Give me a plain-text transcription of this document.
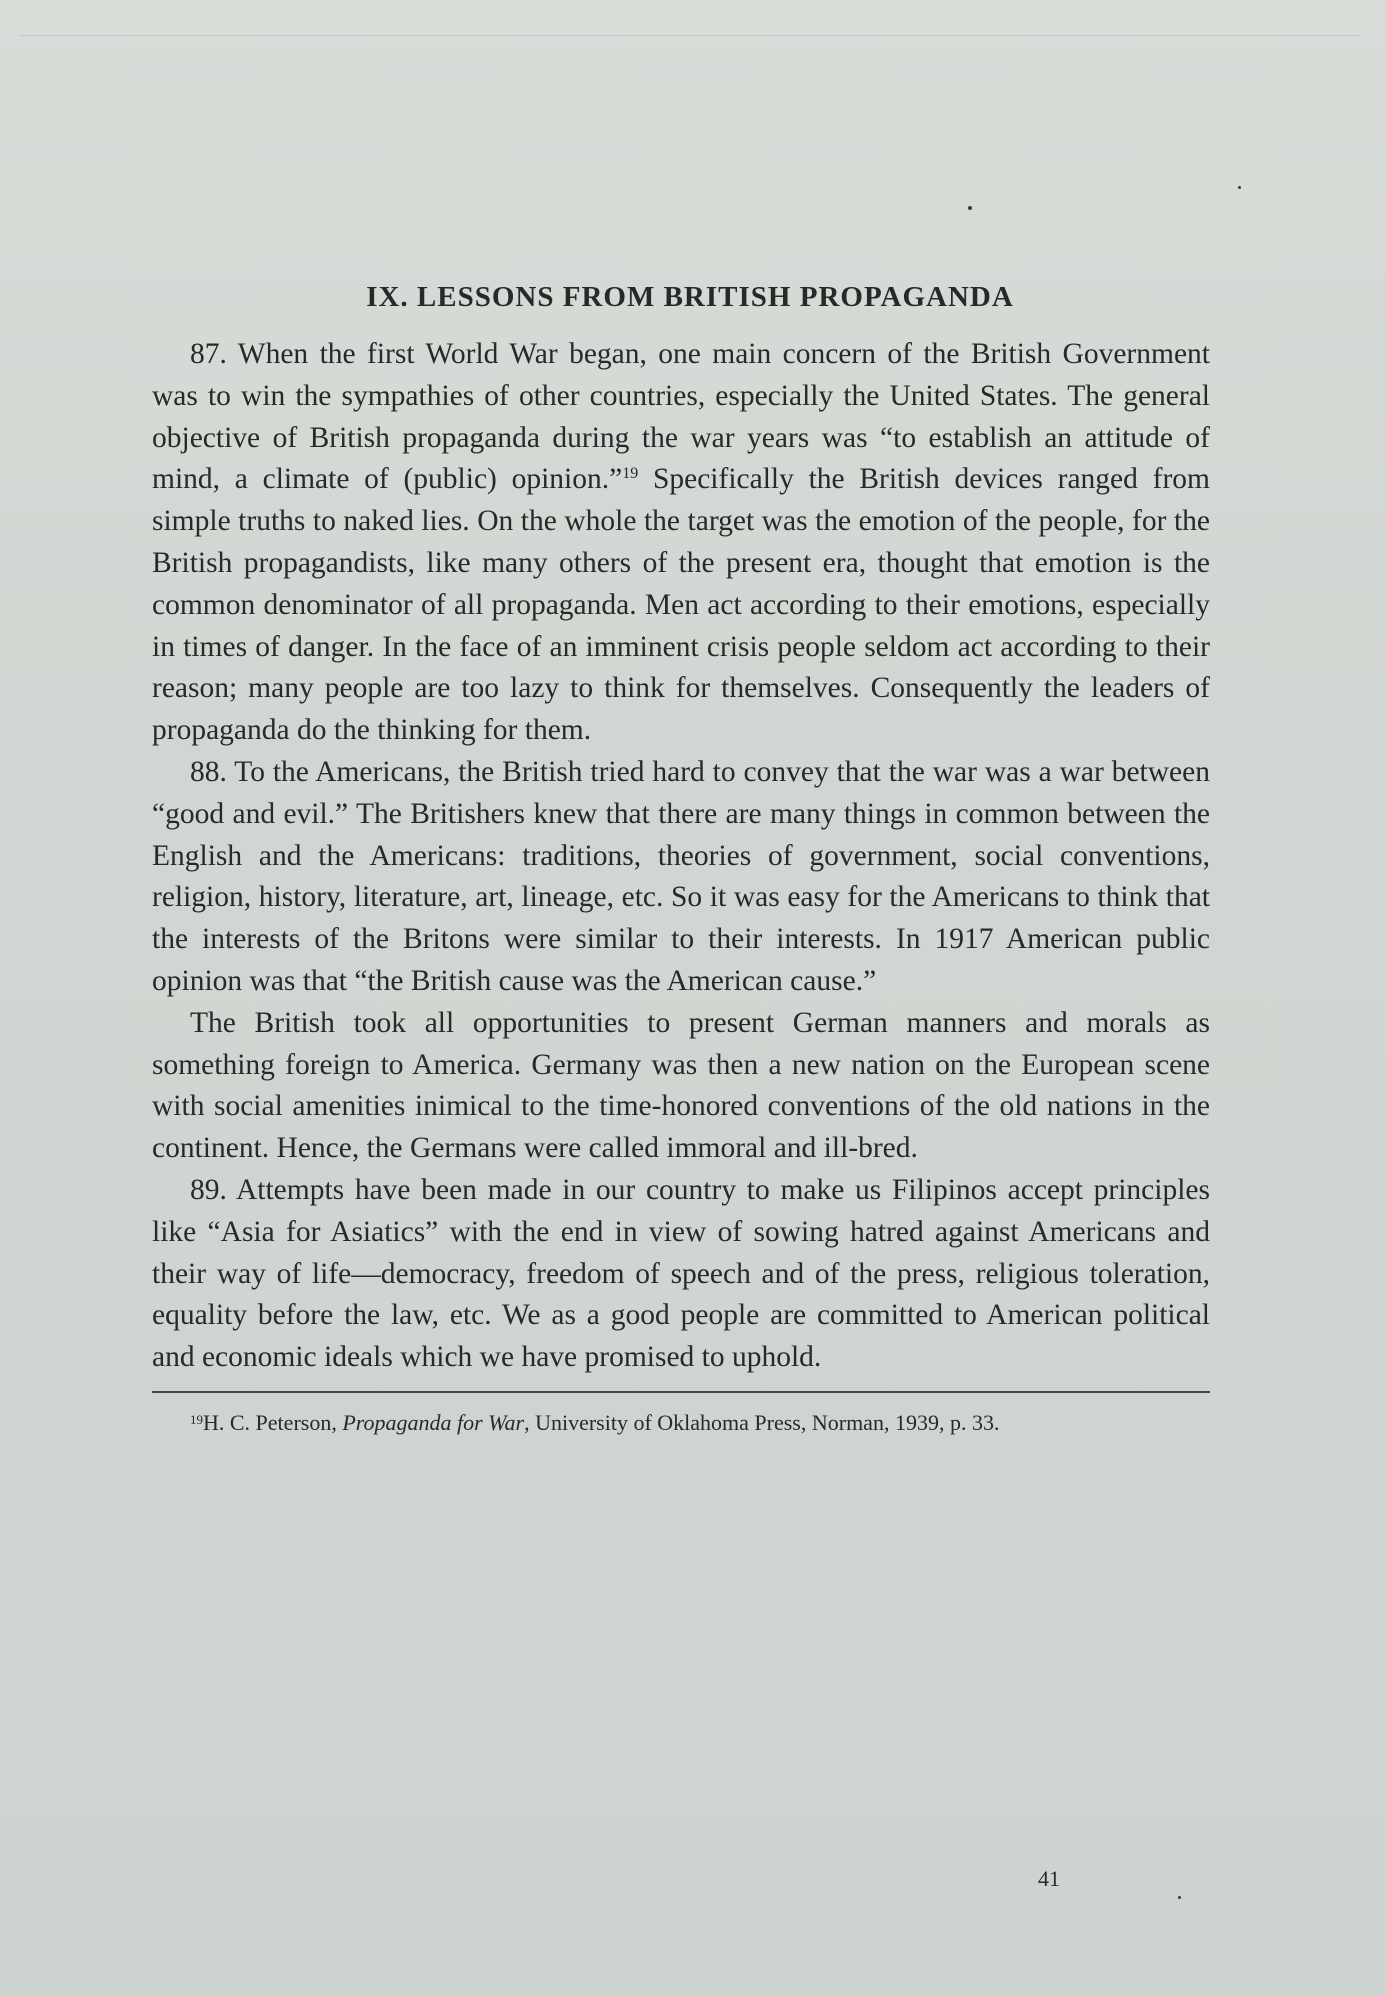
IX. LESSONS FROM BRITISH PROPAGANDA

87. When the first World War began, one main concern of the British Government was to win the sympathies of other countries, especially the United States. The general objective of British propaganda during the war years was “to establish an attitude of mind, a climate of (public) opinion.”$^{19}$ Specifically the British devices ranged from simple truths to naked lies. On the whole the target was the emotion of the people, for the British propagandists, like many others of the present era, thought that emotion is the common denominator of all propaganda. Men act according to their emotions, especially in times of danger. In the face of an imminent crisis people seldom act according to their reason; many people are too lazy to think for themselves. Consequently the leaders of propaganda do the thinking for them.

88. To the Americans, the British tried hard to convey that the war was a war between “good and evil.” The Britishers knew that there are many things in common between the English and the Americans: traditions, theories of government, social conventions, religion, history, literature, art, lineage, etc. So it was easy for the Americans to think that the interests of the Britons were similar to their interests. In 1917 American public opinion was that “the British cause was the American cause.”

The British took all opportunities to present German manners and morals as something foreign to America. Germany was then a new nation on the European scene with social amenities inimical to the time-honored conventions of the old nations in the continent. Hence, the Germans were called immoral and ill-bred.

89. Attempts have been made in our country to make us Filipinos accept principles like “Asia for Asiatics” with the end in view of sowing hatred against Americans and their way of life—democracy, freedom of speech and of the press, religious toleration, equality before the law, etc. We as a good people are committed to American political and economic ideals which we have promised to uphold.

$^{19}$H. C. Peterson, Propaganda for War, University of Oklahoma Press, Norman, 1939, p. 33.

41
